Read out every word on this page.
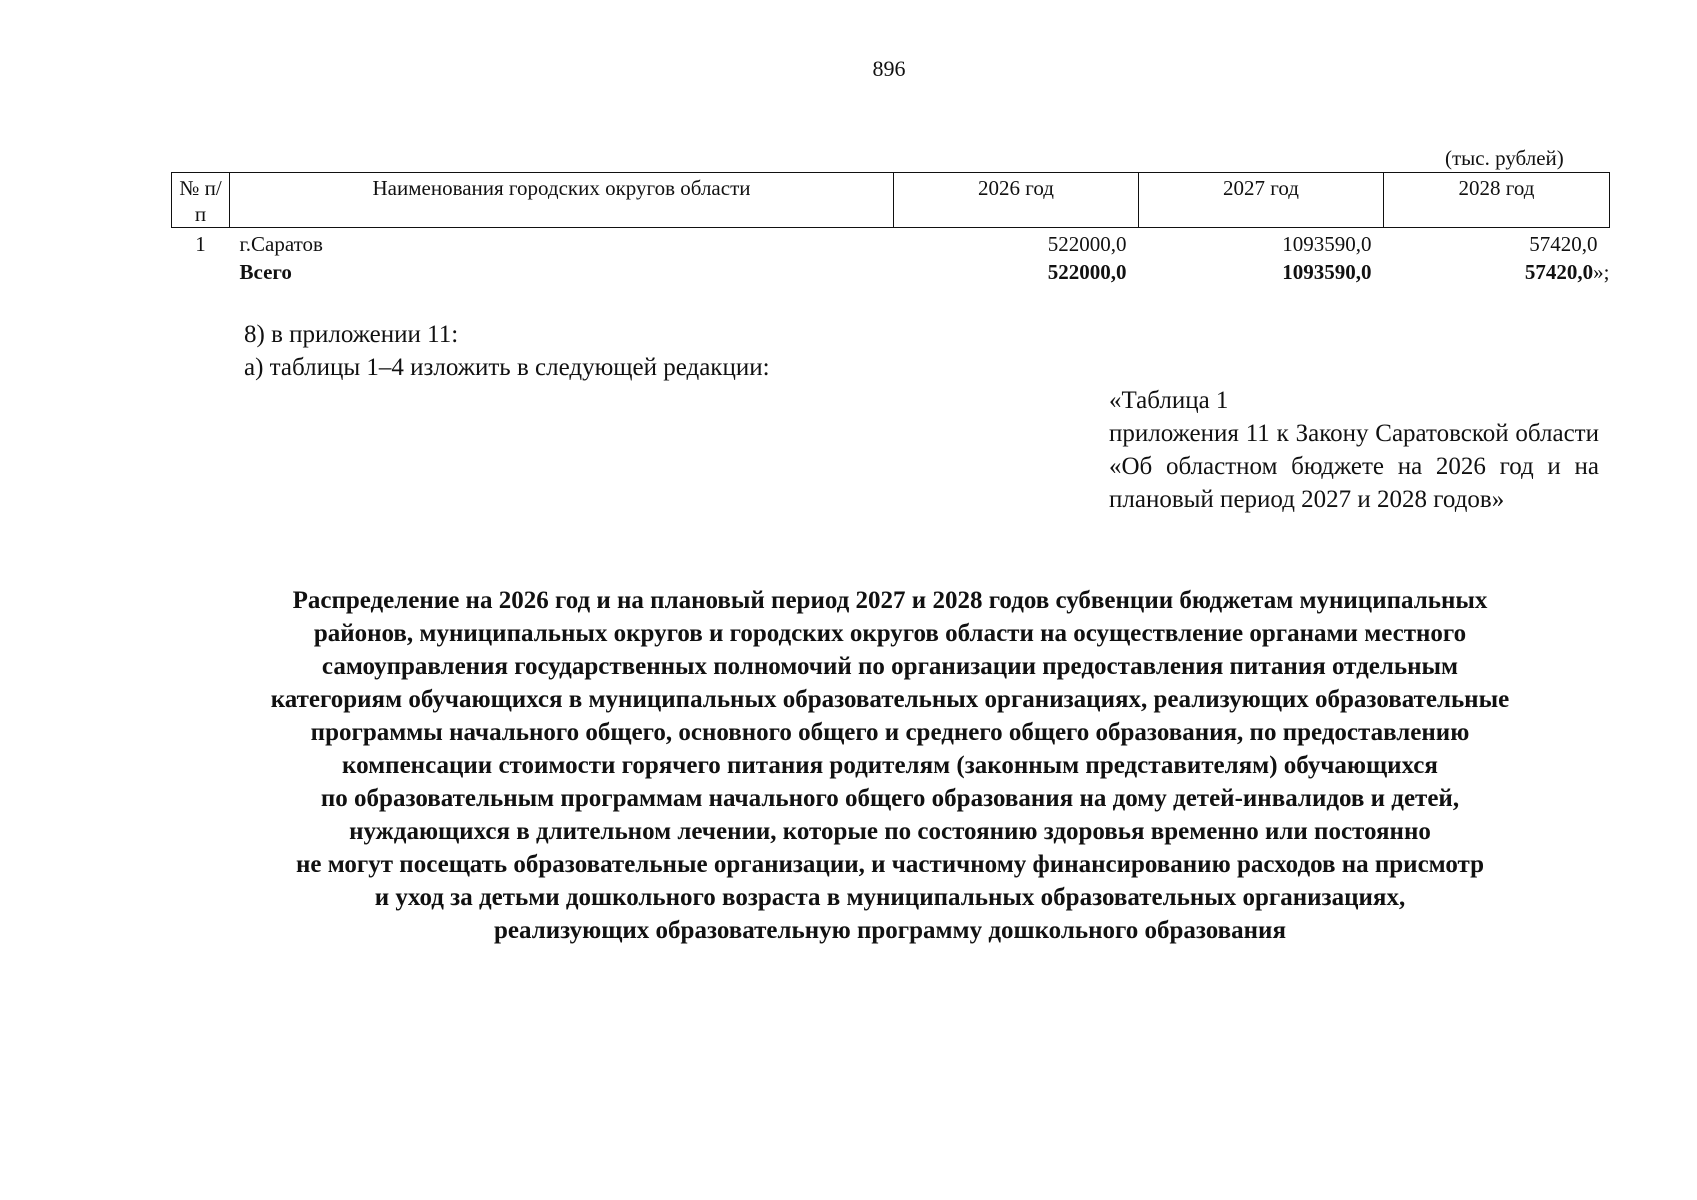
896
(тыс. рублей)
№ п/п	Наименования городских округов области	2026 год	2027 год	2028 год
1	г.Саратов	522000,0	1093590,0	57420,0
	Всего	522000,0	1093590,0	57420,0»;
8) в приложении 11:
а) таблицы 1–4 изложить в следующей редакции:
«Таблица 1
приложения 11 к Закону Саратовской области «Об областном бюджете на 2026 год и на плановый период 2027 и 2028 годов»
Распределение на 2026 год и на плановый период 2027 и 2028 годов субвенции бюджетам муниципальных
районов, муниципальных округов и городских округов области на осуществление органами местного
самоуправления государственных полномочий по организации предоставления питания отдельным
категориям обучающихся в муниципальных образовательных организациях, реализующих образовательные
программы начального общего, основного общего и среднего общего образования, по предоставлению
компенсации стоимости горячего питания родителям (законным представителям) обучающихся
по образовательным программам начального общего образования на дому детей-инвалидов и детей,
нуждающихся в длительном лечении, которые по состоянию здоровья временно или постоянно
не могут посещать образовательные организации, и частичному финансированию расходов на присмотр
и уход за детьми дошкольного возраста в муниципальных образовательных организациях,
реализующих образовательную программу дошкольного образования
